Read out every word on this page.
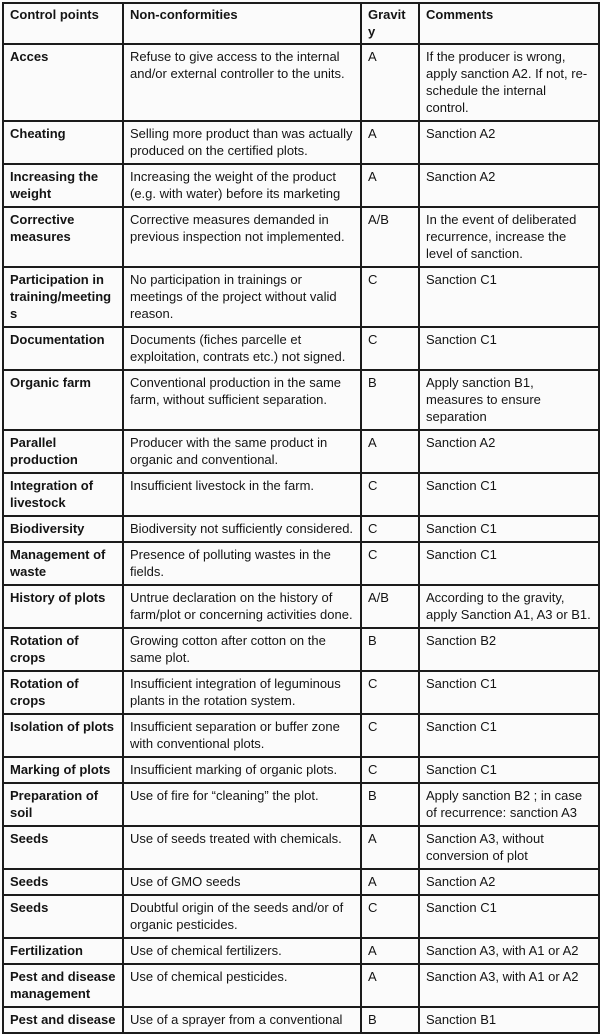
Control points	Non-conformities	Gravity	Comments
Acces	Refuse to give access to the internal and/or external controller to the units.	A	If the producer is wrong, apply sanction A2. If not, re-schedule the internal control.
Cheating	Selling more product than was actually produced on the certified plots.	A	Sanction A2
Increasing the weight	Increasing the weight of the product (e.g. with water) before its marketing	A	Sanction A2
Corrective measures	Corrective measures demanded in previous inspection not implemented.	A/B	In the event of deliberated recurrence, increase the level of sanction.
Participation in training/meetings	No participation in trainings or meetings of the project without valid reason.	C	Sanction C1
Documentation	Documents (fiches parcelle et exploitation, contrats etc.) not signed.	C	Sanction C1
Organic farm	Conventional production in the same farm, without sufficient separation.	B	Apply sanction B1, measures to ensure separation
Parallel production	Producer with the same product in organic and conventional.	A	Sanction A2
Integration of livestock	Insufficient livestock in the farm.	C	Sanction C1
Biodiversity	Biodiversity not sufficiently considered.	C	Sanction C1
Management of waste	Presence of polluting wastes in the fields.	C	Sanction C1
History of plots	Untrue declaration on the history of farm/plot or concerning activities done.	A/B	According to the gravity, apply Sanction A1, A3 or B1.
Rotation of crops	Growing cotton after cotton on the same plot.	B	Sanction B2
Rotation of crops	Insufficient integration of leguminous plants in the rotation system.	C	Sanction C1
Isolation of plots	Insufficient separation or buffer zone with conventional plots.	C	Sanction C1
Marking of plots	Insufficient marking of organic plots.	C	Sanction C1
Preparation of soil	Use of fire for “cleaning” the plot.	B	Apply sanction B2 ; in case of recurrence: sanction A3
Seeds	Use of seeds treated with chemicals.	A	Sanction A3, without conversion of plot
Seeds	Use of GMO seeds	A	Sanction A2
Seeds	Doubtful origin of the seeds and/or of organic pesticides.	C	Sanction C1
Fertilization	Use of chemical fertilizers.	A	Sanction A3, with A1 or A2
Pest and disease management	Use of chemical pesticides.	A	Sanction A3, with A1 or A2
Pest and disease	Use of a sprayer from a conventional	B	Sanction B1
